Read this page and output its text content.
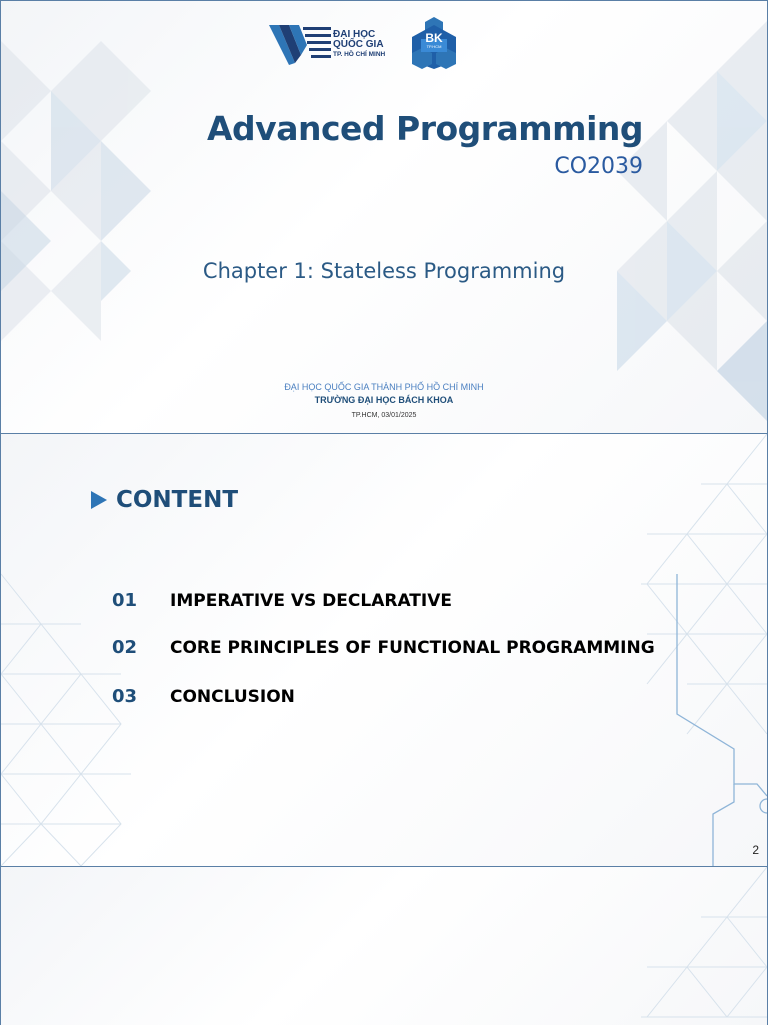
ĐẠI HỌC
QUỐC GIA
TP. HỒ CHÍ MINH
BK
TP.HCM
Advanced Programming
CO2039
Chapter 1: Stateless Programming
ĐẠI HỌC QUỐC GIA THÀNH PHỐ HỒ CHÍ MINH
TRƯỜNG ĐẠI HỌC BÁCH KHOA
TP.HCM, 03/01/2025
CONTENT
01	IMPERATIVE VS DECLARATIVE
02	CORE PRINCIPLES OF FUNCTIONAL PROGRAMMING
03	CONCLUSION
2
